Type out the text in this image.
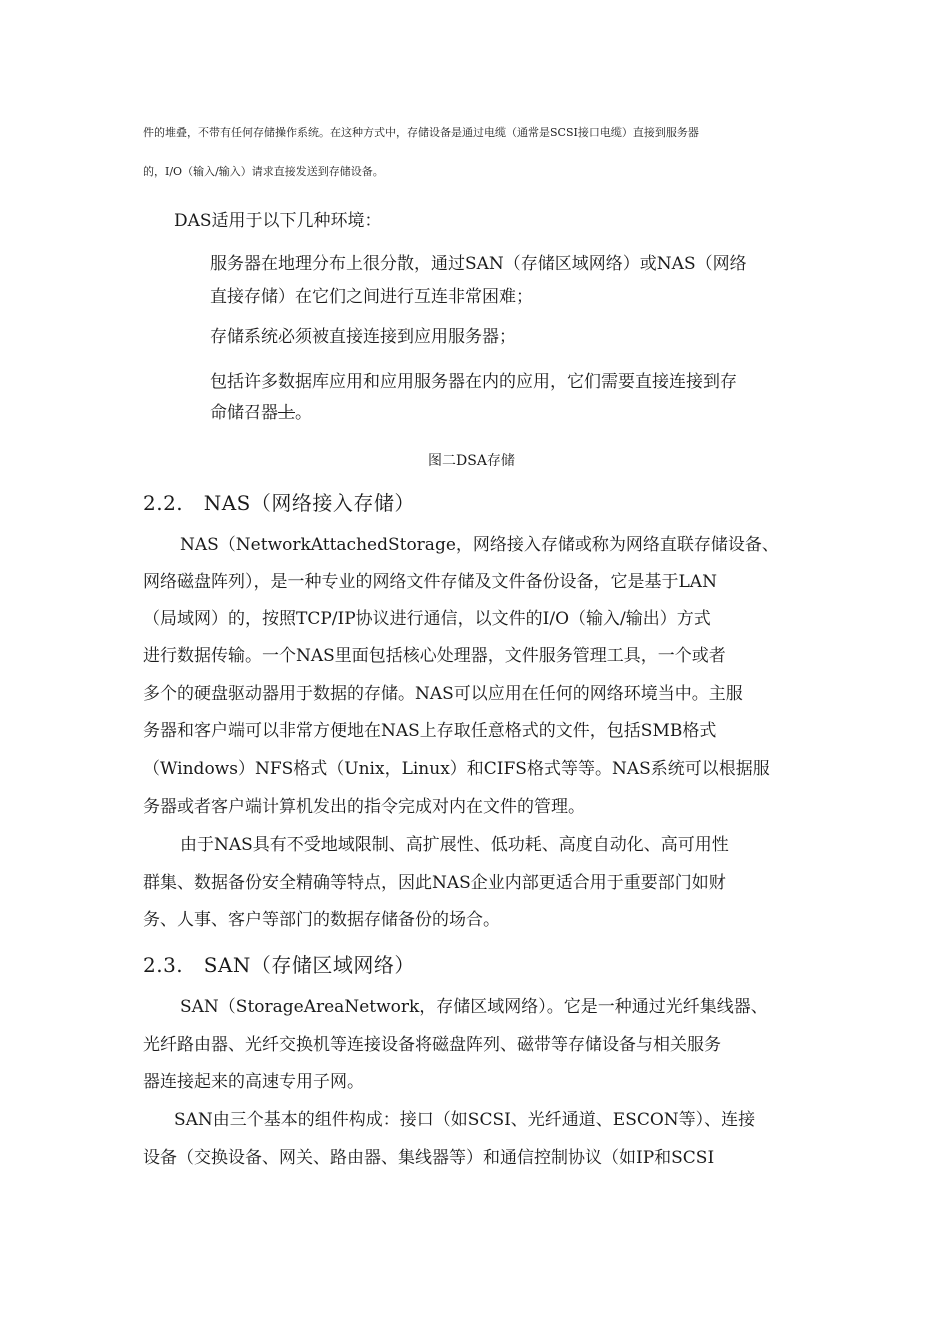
件的堆叠，不带有任何存储操作系统。在这种方式中，存储设备是通过电缆（通常是SCSI接口电缆）直接到服务器

的，I/O（输入/输入）请求直接发送到存储设备。

DAS适用于以下几种环境：

服务器在地理分布上很分散，通过SAN（存储区域网络）或NAS（网络

直接存储）在它们之间进行互连非常困难；

存储系统必须被直接连接到应用服务器；

包括许多数据库应用和应用服务器在内的应用，它们需要直接连接到存

命储召器上。

图二DSA存储

2.2.   NAS（网络接入存储）

NAS（NetworkAttachedStorage，网络接入存储或称为网络直联存储设备、

网络磁盘阵列），是一种专业的网络文件存储及文件备份设备，它是基于LAN

（局域网）的，按照TCP/IP协议进行通信，以文件的I/O（输入/输出）方式

进行数据传输。一个NAS里面包括核心处理器，文件服务管理工具，一个或者

多个的硬盘驱动器用于数据的存储。NAS可以应用在任何的网络环境当中。主服

务器和客户端可以非常方便地在NAS上存取任意格式的文件，包括SMB格式

（Windows）NFS格式（Unix，Linux）和CIFS格式等等。NAS系统可以根据服

务器或者客户端计算机发出的指令完成对内在文件的管理。

由于NAS具有不受地域限制、高扩展性、低功耗、高度自动化、高可用性

群集、数据备份安全精确等特点，因此NAS企业内部更适合用于重要部门如财

务、人事、客户等部门的数据存储备份的场合。

2.3.   SAN（存储区域网络）

SAN（StorageAreaNetwork，存储区域网络）。它是一种通过光纤集线器、

光纤路由器、光纤交换机等连接设备将磁盘阵列、磁带等存储设备与相关服务

器连接起来的高速专用子网。

SAN由三个基本的组件构成：接口（如SCSI、光纤通道、ESCON等）、连接

设备（交换设备、网关、路由器、集线器等）和通信控制协议（如IP和SCSI
